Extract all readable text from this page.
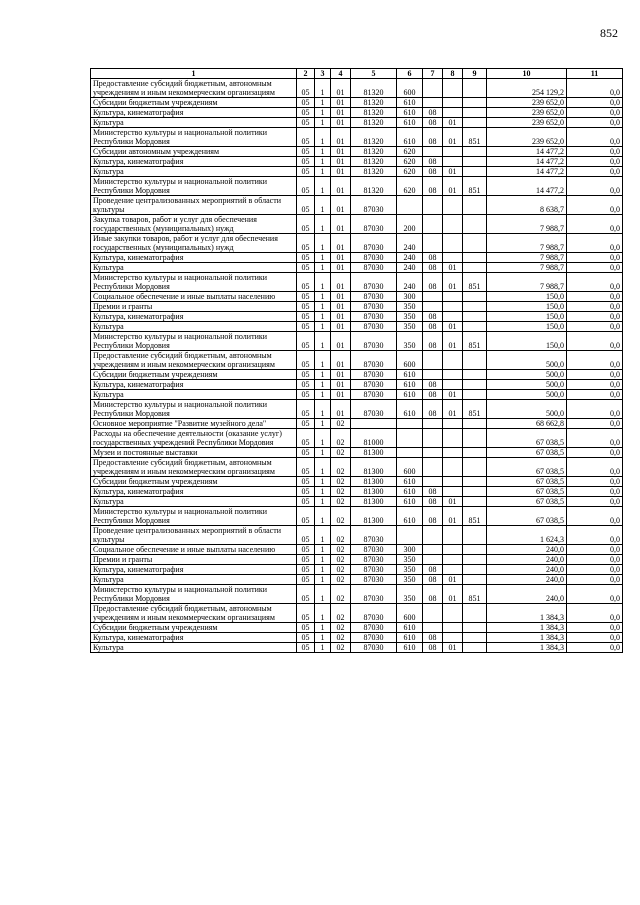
852
1	2	3	4	5	6	7	8	9	10	11
Предоставление субсидий бюджетным, автономным учреждениям и иным некоммерческим организациям	05	1	01	81320	600				254 129,2	0,0
Субсидии бюджетным учреждениям	05	1	01	81320	610				239 652,0	0,0
Культура, кинематография	05	1	01	81320	610	08			239 652,0	0,0
Культура	05	1	01	81320	610	08	01		239 652,0	0,0
Министерство культуры и национальной политики Республики Мордовия	05	1	01	81320	610	08	01	851	239 652,0	0,0
Субсидии автономным учреждениям	05	1	01	81320	620				14 477,2	0,0
Культура, кинематография	05	1	01	81320	620	08			14 477,2	0,0
Культура	05	1	01	81320	620	08	01		14 477,2	0,0
Министерство культуры и национальной политики Республики Мордовия	05	1	01	81320	620	08	01	851	14 477,2	0,0
Проведение централизованных мероприятий в области культуры	05	1	01	87030					8 638,7	0,0
Закупка товаров, работ и услуг для обеспечения государственных (муниципальных) нужд	05	1	01	87030	200				7 988,7	0,0
Иные закупки товаров, работ и услуг для обеспечения государственных (муниципальных) нужд	05	1	01	87030	240				7 988,7	0,0
Культура, кинематография	05	1	01	87030	240	08			7 988,7	0,0
Культура	05	1	01	87030	240	08	01		7 988,7	0,0
Министерство культуры и национальной политики Республики Мордовия	05	1	01	87030	240	08	01	851	7 988,7	0,0
Социальное обеспечение и иные выплаты населению	05	1	01	87030	300				150,0	0,0
Премии и гранты	05	1	01	87030	350				150,0	0,0
Культура, кинематография	05	1	01	87030	350	08			150,0	0,0
Культура	05	1	01	87030	350	08	01		150,0	0,0
Министерство культуры и национальной политики Республики Мордовия	05	1	01	87030	350	08	01	851	150,0	0,0
Предоставление субсидий бюджетным, автономным учреждениям и иным некоммерческим организациям	05	1	01	87030	600				500,0	0,0
Субсидии бюджетным учреждениям	05	1	01	87030	610				500,0	0,0
Культура, кинематография	05	1	01	87030	610	08			500,0	0,0
Культура	05	1	01	87030	610	08	01		500,0	0,0
Министерство культуры и национальной политики Республики Мордовия	05	1	01	87030	610	08	01	851	500,0	0,0
Основное мероприятие "Развитие музейного дела"	05	1	02						68 662,8	0,0
Расходы на обеспечение деятельности (оказание услуг) государственных учреждений Республики Мордовия	05	1	02	81000					67 038,5	0,0
Музеи и постоянные выставки	05	1	02	81300					67 038,5	0,0
Предоставление субсидий бюджетным, автономным учреждениям и иным некоммерческим организациям	05	1	02	81300	600				67 038,5	0,0
Субсидии бюджетным учреждениям	05	1	02	81300	610				67 038,5	0,0
Культура, кинематография	05	1	02	81300	610	08			67 038,5	0,0
Культура	05	1	02	81300	610	08	01		67 038,5	0,0
Министерство культуры и национальной политики Республики Мордовия	05	1	02	81300	610	08	01	851	67 038,5	0,0
Проведение централизованных мероприятий в области культуры	05	1	02	87030					1 624,3	0,0
Социальное обеспечение и иные выплаты населению	05	1	02	87030	300				240,0	0,0
Премии и гранты	05	1	02	87030	350				240,0	0,0
Культура, кинематография	05	1	02	87030	350	08			240,0	0,0
Культура	05	1	02	87030	350	08	01		240,0	0,0
Министерство культуры и национальной политики Республики Мордовия	05	1	02	87030	350	08	01	851	240,0	0,0
Предоставление субсидий бюджетным, автономным учреждениям и иным некоммерческим организациям	05	1	02	87030	600				1 384,3	0,0
Субсидии бюджетным учреждениям	05	1	02	87030	610				1 384,3	0,0
Культура, кинематография	05	1	02	87030	610	08			1 384,3	0,0
Культура	05	1	02	87030	610	08	01		1 384,3	0,0
